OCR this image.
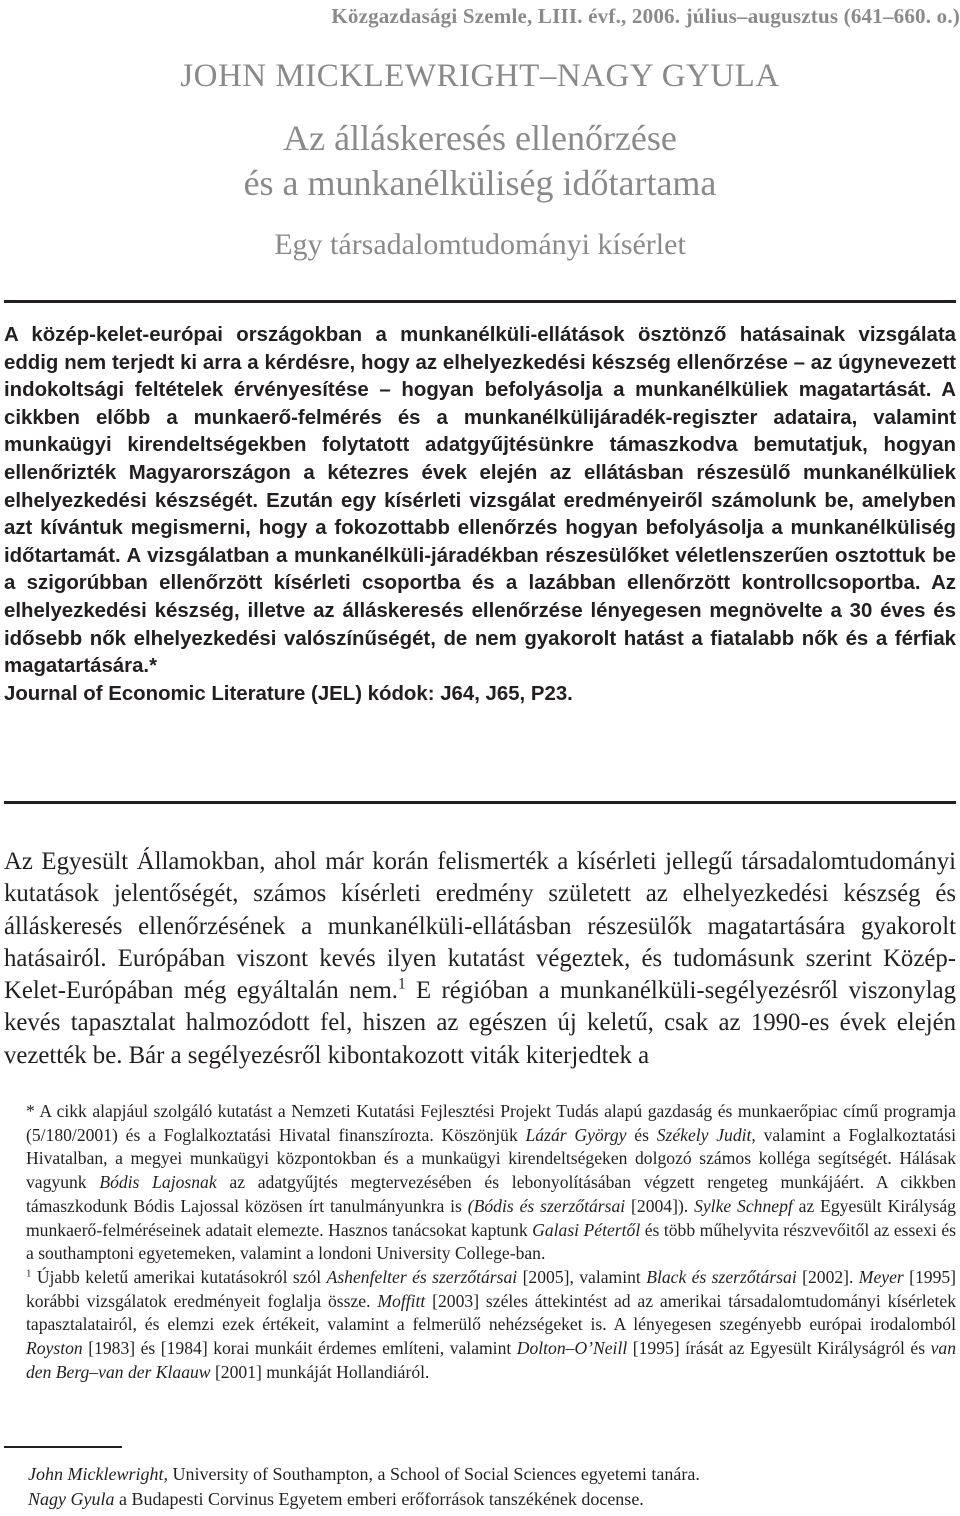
Közgazdasági Szemle, LIII. évf., 2006. július–augusztus (641–660. o.)
JOHN MICKLEWRIGHT–NAGY GYULA
Az álláskeresés ellenőrzése
és a munkanélküliség időtartama
Egy társadalomtudományi kísérlet
A közép-kelet-európai országokban a munkanélküli-ellátások ösztönző hatásainak vizsgálata eddig nem terjedt ki arra a kérdésre, hogy az elhelyezkedési készség ellenőrzése – az úgynevezett indokoltsági feltételek érvényesítése – hogyan befolyásolja a munkanélküliek magatartását. A cikkben előbb a munkaerő-felmérés és a munkanélkülijáradék-regiszter adataira, valamint munkaügyi kirendeltségekben folytatott adatgyűjtésünkre támaszkodva bemutatjuk, hogyan ellenőrizték Magyarországon a kétezres évek elején az ellátásban részesülő munkanélküliek elhelyezkedési készségét. Ezután egy kísérleti vizsgálat eredményeiről számolunk be, amelyben azt kívántuk megismerni, hogy a fokozottabb ellenőrzés hogyan befolyásolja a munkanélküliség időtartamát. A vizsgálatban a munkanélküli-járadékban részesülőket véletlenszerűen osztottuk be a szigorúbban ellenőrzött kísérleti csoportba és a lazábban ellenőrzött kontrollcsoportba. Az elhelyezkedési készség, illetve az álláskeresés ellenőrzése lényegesen megnövelte a 30 éves és idősebb nők elhelyezkedési valószínűségét, de nem gyakorolt hatást a fiatalabb nők és a férfiak magatartására.*
Journal of Economic Literature (JEL) kódok: J64, J65, P23.

Az Egyesült Államokban, ahol már korán felismerték a kísérleti jellegű társadalomtudományi kutatások jelentőségét, számos kísérleti eredmény született az elhelyezkedési készség és álláskeresés ellenőrzésének a munkanélküli-ellátásban részesülők magatartására gyakorolt hatásairól. Európában viszont kevés ilyen kutatást végeztek, és tudomásunk szerint Közép-Kelet-Európában még egyáltalán nem.$^1$ E régióban a munkanélküli-segélyezésről viszonylag kevés tapasztalat halmozódott fel, hiszen az egészen új keletű, csak az 1990-es évek elején vezették be. Bár a segélyezésről kibontakozott viták kiterjedtek a

* A cikk alapjául szolgáló kutatást a Nemzeti Kutatási Fejlesztési Projekt Tudás alapú gazdaság és munkaerőpiac című programja (5/180/2001) és a Foglalkoztatási Hivatal finanszírozta. Köszönjük Lázár György és Székely Judit, valamint a Foglalkoztatási Hivatalban, a megyei munkaügyi központokban és a munkaügyi kirendeltségeken dolgozó számos kolléga segítségét. Hálásak vagyunk Bódis Lajosnak az adatgyűjtés megtervezésében és lebonyolításában végzett rengeteg munkájáért. A cikkben támaszkodunk Bódis Lajossal közösen írt tanulmányunkra is (Bódis és szerzőtársai [2004]). Sylke Schnepf az Egyesült Királyság munkaerő-felméréseinek adatait elemezte. Hasznos tanácsokat kaptunk Galasi Pétertől és több műhelyvita részvevőitől az essexi és a southamptoni egyetemeken, valamint a londoni University College-ban.

$^1$ Újabb keletű amerikai kutatásokról szól Ashenfelter és szerzőtársai [2005], valamint Black és szerzőtársai [2002]. Meyer [1995] korábbi vizsgálatok eredményeit foglalja össze. Moffitt [2003] széles áttekintést ad az amerikai társadalomtudományi kísérletek tapasztalatairól, és elemzi ezek értékeit, valamint a felmerülő nehézségeket is. A lényegesen szegényebb európai irodalomból Royston [1983] és [1984] korai munkáit érdemes említeni, valamint Dolton–O’Neill [1995] írását az Egyesült Királyságról és van den Berg–van der Klaauw [2001] munkáját Hollandiáról.

John Micklewright, University of Southampton, a School of Social Sciences egyetemi tanára.

Nagy Gyula a Budapesti Corvinus Egyetem emberi erőforrások tanszékének docense.
